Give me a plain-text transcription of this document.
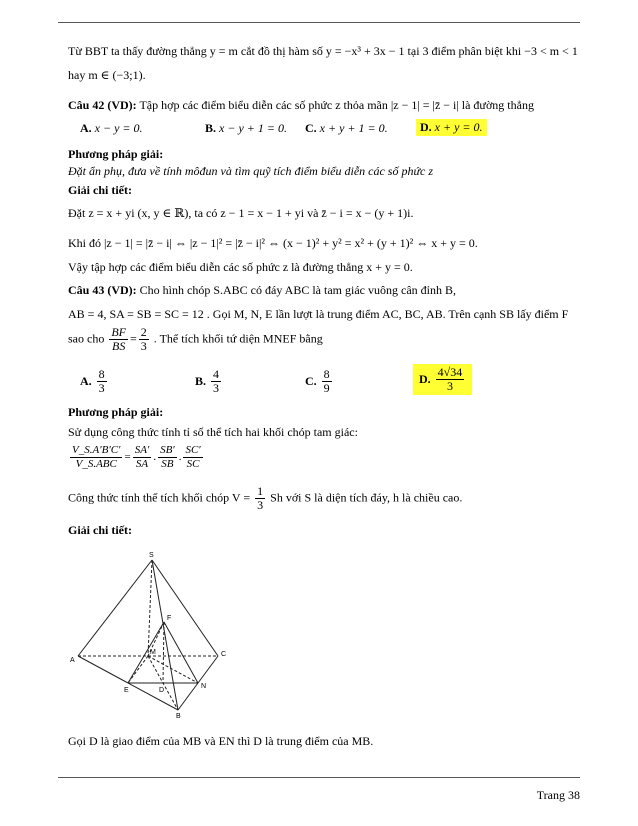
Từ BBT ta thấy đường thẳng y = m cắt đồ thị hàm số y = −x³ + 3x − 1 tại 3 điểm phân biệt khi −3 < m < 1
hay m ∈ (−3;1).
Câu 42 (VD): Tập hợp các điểm biểu diễn các số phức z thỏa mãn |z − 1| = |z̄ − i| là đường thẳng
A. x − y = 0.	B. x − y + 1 = 0. C. x + y + 1 = 0.	D. x + y = 0.
Phương pháp giải:
Đặt ẩn phụ, đưa về tính môđun và tìm quỹ tích điểm biểu diễn các số phức z
Giải chi tiết:
Đặt z = x + yi (x, y ∈ ℝ), ta có z − 1 = x − 1 + yi và z̄ − i = x − (y + 1)i.
Khi đó |z − 1| = |z̄ − i| ⇔ |z − 1|² = |z̄ − i|² ⇔ (x − 1)² + y² = x² + (y + 1)² ⇔ x + y = 0.
Vậy tập hợp các điểm biểu diễn các số phức z là đường thẳng x + y = 0.
Câu 43 (VD): Cho hình chóp S.ABC có đáy ABC là tam giác vuông cân đỉnh B,
AB = 4, SA = SB = SC = 12 . Gọi M, N, E lần lượt là trung điểm AC, BC, AB. Trên cạnh SB lấy điểm F
sao cho $\frac{BF}{BS} = \frac{2}{3}$ . Thể tích khối tứ diện MNEF bằng
A. $\frac{8}{3}$	B. $\frac{4}{3}$	C. $\frac{8}{9}$	D. $\frac{4√34}{3}$
Phương pháp giải:
Sử dụng công thức tính tỉ số thể tích hai khối chóp tam giác:
$\frac{V\_S.A'B'C'}{\text{V\_S.ABC}} = \frac{SA'}{SA}$ . $\frac{SB'}{SB}$ . $\frac{SC'}{SC}$
Công thức tính thể tích khối chóp $V = \frac{1}{3}$ Sh với S là diện tích đáy, h là chiều cao.
Giải chi tiết:
S
A
B
C
E
N
M
D
F
Gọi D là giao điểm của MB và EN thì D là trung điểm của MB.
Trang 38
